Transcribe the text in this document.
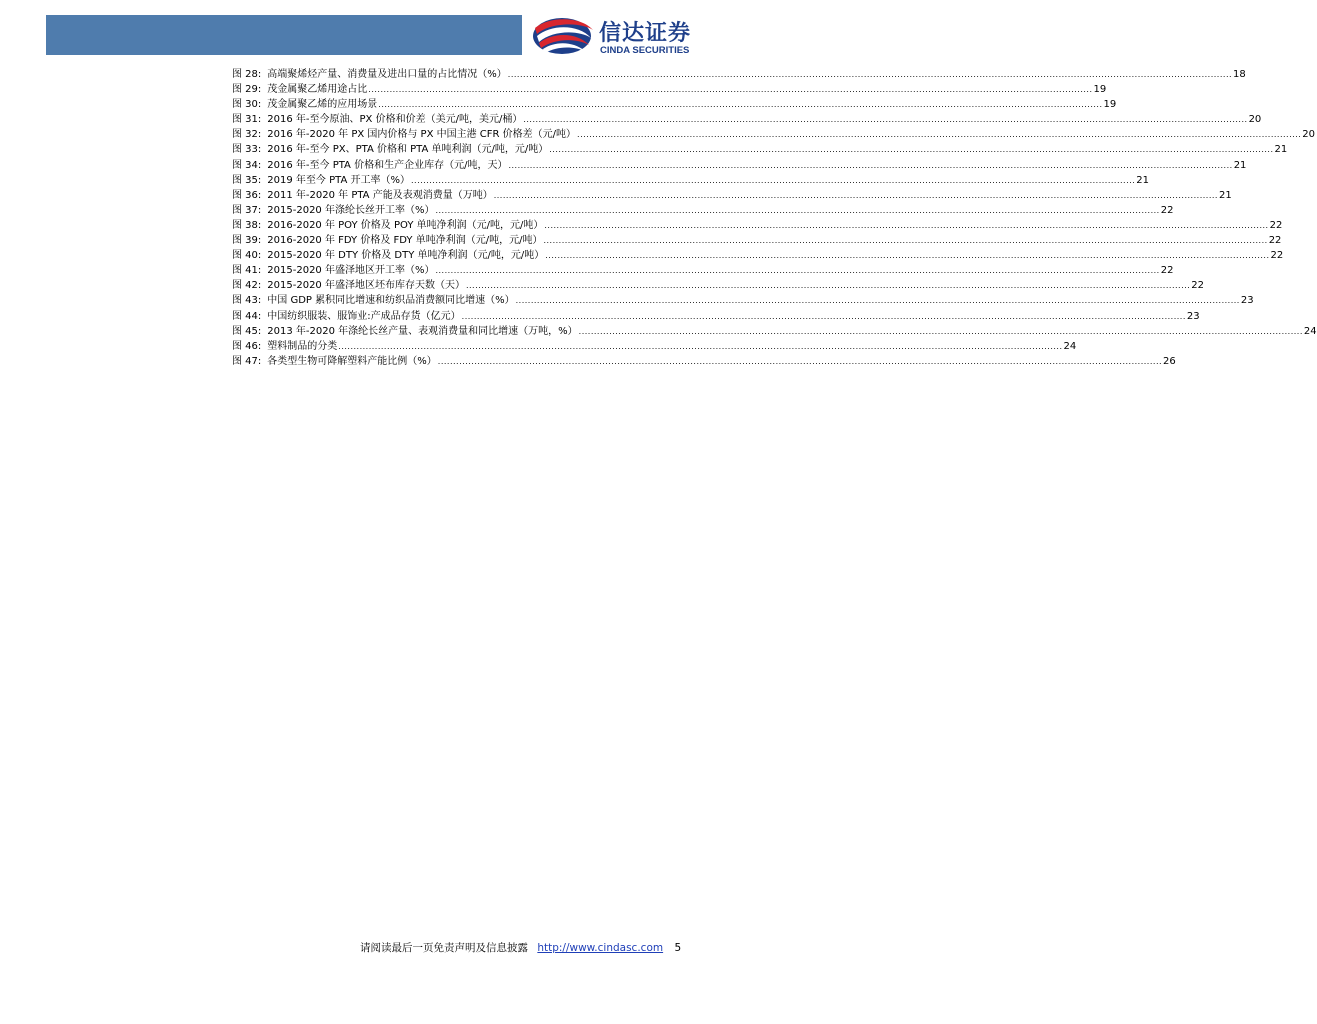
信达证券
CINDA SECURITIES
图 28: 高端聚烯烃产量、消费量及进出口量的占比情况（%） .....	18
图 29: 茂金属聚乙烯用途占比 .....	19
图 30: 茂金属聚乙烯的应用场景 .....	19
图 31: 2016 年-至今原油、PX 价格和价差（美元/吨，美元/桶） .....	20
图 32: 2016 年-2020 年 PX 国内价格与 PX 中国主港 CFR 价格差（元/吨） .....	20
图 33: 2016 年-至今 PX、PTA 价格和 PTA 单吨利润（元/吨，元/吨） .....	21
图 34: 2016 年-至今 PTA 价格和生产企业库存（元/吨，天） .....	21
图 35: 2019 年至今 PTA 开工率（%） .....	21
图 36: 2011 年-2020 年 PTA 产能及表观消费量（万吨） .....	21
图 37: 2015-2020 年涤纶长丝开工率（%） .....	22
图 38: 2016-2020 年 POY 价格及 POY 单吨净利润（元/吨，元/吨） .....	22
图 39: 2016-2020 年 FDY 价格及 FDY 单吨净利润（元/吨，元/吨） .....	22
图 40: 2015-2020 年 DTY 价格及 DTY 单吨净利润（元/吨，元/吨） .....	22
图 41: 2015-2020 年盛泽地区开工率（%） .....	22
图 42: 2015-2020 年盛泽地区坯布库存天数（天） .....	22
图 43: 中国 GDP 累积同比增速和纺织品消费额同比增速（%） .....	23
图 44: 中国纺织服装、服饰业:产成品存货（亿元） .....	23
图 45: 2013 年-2020 年涤纶长丝产量、表观消费量和同比增速（万吨，%） .....	24
图 46: 塑料制品的分类 .....	24
图 47: 各类型生物可降解塑料产能比例（%） .....	26
请阅读最后一页免责声明及信息披露 http://www.cindasc.com 5
